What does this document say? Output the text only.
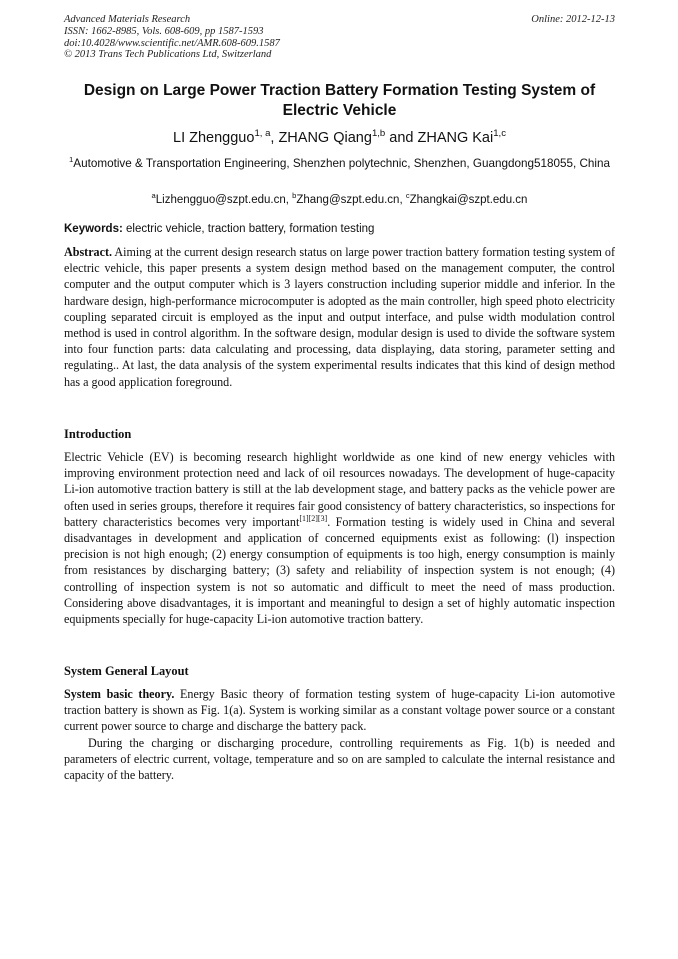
Advanced Materials Research
ISSN: 1662-8985, Vols. 608-609, pp 1587-1593
doi:10.4028/www.scientific.net/AMR.608-609.1587
© 2013 Trans Tech Publications Ltd, Switzerland
Online: 2012-12-13
Design on Large Power Traction Battery Formation Testing System of Electric Vehicle
LI Zhengguo$^{1, a}$, ZHANG Qiang$^{1,b}$ and ZHANG Kai$^{1,c}$
$^1$Automotive & Transportation Engineering, Shenzhen polytechnic, Shenzhen, Guangdong518055, China
$^a$Lizhengguo@szpt.edu.cn, $^b$Zhang@szpt.edu.cn, $^c$Zhangkai@szpt.edu.cn
Keywords: electric vehicle, traction battery, formation testing
Abstract. Aiming at the current design research status on large power traction battery formation testing system of electric vehicle, this paper presents a system design method based on the management computer, the control computer and the output computer which is 3 layers construction including superior middle and inferior. In the hardware design, high-performance microcomputer is adopted as the main controller, high speed photo electricity coupling separated circuit is employed as the input and output interface, and pulse width modulation control method is used in control algorithm. In the software design, modular design is used to divide the software system into four function parts: data calculating and processing, data displaying, data storing, parameter setting and regulating.. At last, the data analysis of the system experimental results indicates that this kind of design method has a good application foreground.
Introduction
Electric Vehicle (EV) is becoming research highlight worldwide as one kind of new energy vehicles with improving environment protection need and lack of oil resources nowadays. The development of huge-capacity Li-ion automotive traction battery is still at the lab development stage, and battery packs as the vehicle power are often used in series groups, therefore it requires fair good consistency of battery characteristics, so inspections for battery characteristics becomes very important[1][2][3]. Formation testing is widely used in China and several disadvantages in development and application of concerned equipments exist as following: (l) inspection precision is not high enough; (2) energy consumption of equipments is too high, energy consumption is mainly from resistances by discharging battery; (3) safety and reliability of inspection system is not enough; (4) controlling of inspection system is not so automatic and difficult to meet the need of mass production. Considering above disadvantages, it is important and meaningful to design a set of highly automatic inspection equipments specially for huge-capacity Li-ion automotive traction battery.
System General Layout
System basic theory. Energy Basic theory of formation testing system of huge-capacity Li-ion automotive traction battery is shown as Fig. 1(a). System is working similar as a constant voltage power source or a constant current power source to charge and discharge the battery pack.
During the charging or discharging procedure, controlling requirements as Fig. 1(b) is needed and parameters of electric current, voltage, temperature and so on are sampled to calculate the internal resistance and capacity of the battery.
